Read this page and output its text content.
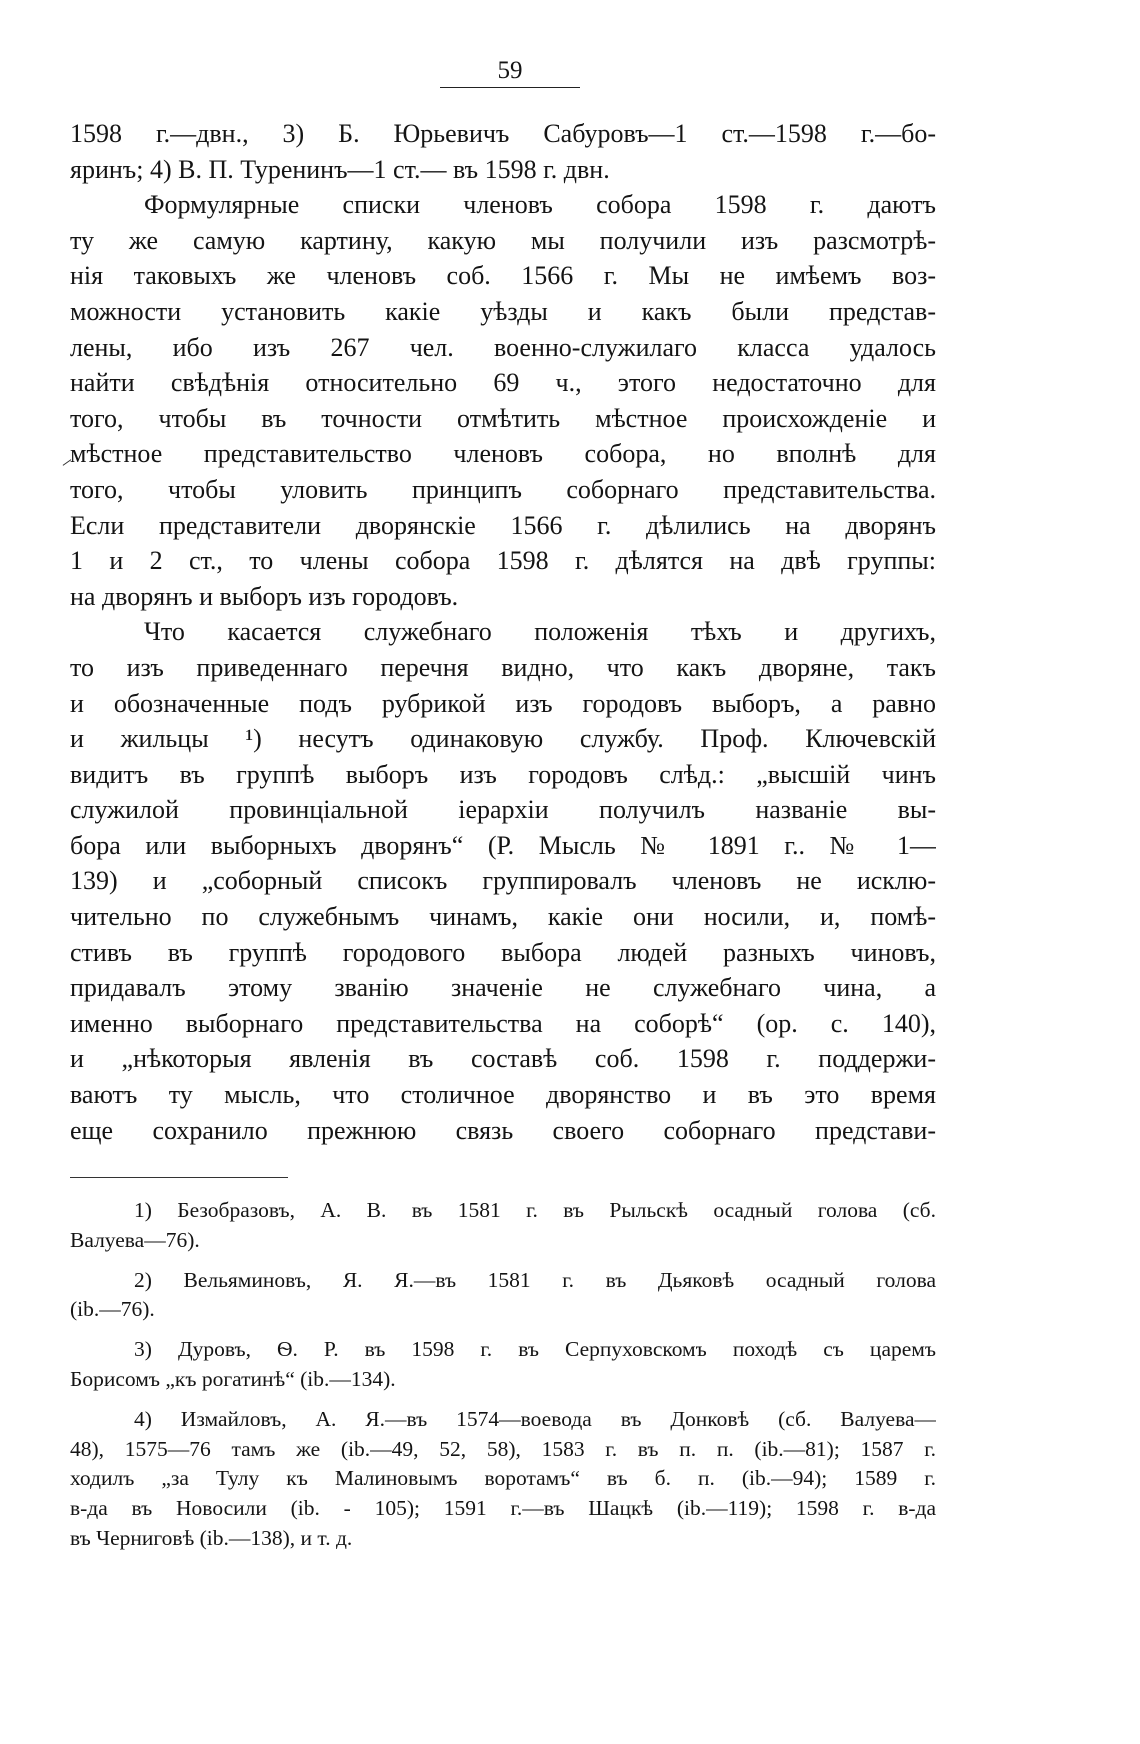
59
1598 г.—двн., 3) Б. Юрьевичъ Сабуровъ—1 ст.—1598 г.—бо-
яринъ; 4) В. П. Туренинъ—1 ст.— въ 1598 г. двн.
Формулярные списки членовъ собора 1598 г. даютъ
ту же самую картину, какую мы получили изъ разсмотрѣ-
нія таковыхъ же членовъ соб. 1566 г. Мы не имѣемъ воз-
можности установить какіе уѣзды и какъ были представ-
лены, ибо изъ 267 чел. военно-служилаго класса удалось
найти свѣдѣнія относительно 69 ч., этого недостаточно для
того, чтобы въ точности отмѣтить мѣстное происхожденіе и
мѣстное представительство членовъ собора, но вполнѣ для
того, чтобы уловить принципъ соборнаго представительства.
Если представители дворянскіе 1566 г. дѣлились на дворянъ
1 и 2 ст., то члены собора 1598 г. дѣлятся на двѣ группы:
на дворянъ и выборъ изъ городовъ.
Что касается служебнаго положенія тѣхъ и другихъ,
то изъ приведеннаго перечня видно, что какъ дворяне, такъ
и обозначенные подъ рубрикой изъ городовъ выборъ, а равно
и жильцы ¹) несутъ одинаковую службу. Проф. Ключевскій
видитъ въ группѣ выборъ изъ городовъ слѣд.: „высшій чинъ
служилой провинціальной іерархіи получилъ названіе вы-
бора или выборныхъ дворянъ“ (Р. Мысль № 1891 г.. № 1—
139) и „соборный списокъ группировалъ членовъ не исклю-
чительно по служебнымъ чинамъ, какіе они носили, и, помѣ-
стивъ въ группѣ городового выбора людей разныхъ чиновъ,
придавалъ этому званію значеніе не служебнаго чина, а
именно выборнаго представительства на соборѣ“ (ор. с. 140),
и „нѣкоторыя явленія въ составѣ соб. 1598 г. поддержи-
ваютъ ту мысль, что столичное дворянство и въ это время
еще сохранило прежнюю связь своего соборнаго представи-
1) Безобразовъ, А. В. въ 1581 г. въ Рыльскѣ осадный голова (сб.
Валуева—76).
2) Вельяминовъ, Я. Я.—въ 1581 г. въ Дьяковѣ осадный голова
(ib.—76).
3) Дуровъ, Ѳ. Р. въ 1598 г. въ Серпуховскомъ походѣ съ царемъ
Борисомъ „къ рогатинѣ“ (ib.—134).
4) Измайловъ, А. Я.—въ 1574—воевода въ Донковѣ (сб. Валуева—
48), 1575—76 тамъ же (ib.—49, 52, 58), 1583 г. въ п. п. (ib.—81); 1587 г.
ходилъ „за Тулу къ Малиновымъ воротамъ“ въ б. п. (ib.—94); 1589 г.
в-да въ Новосили (ib. - 105); 1591 г.—въ Шацкѣ (ib.—119); 1598 г. в-да
въ Черниговѣ (ib.—138), и т. д.
